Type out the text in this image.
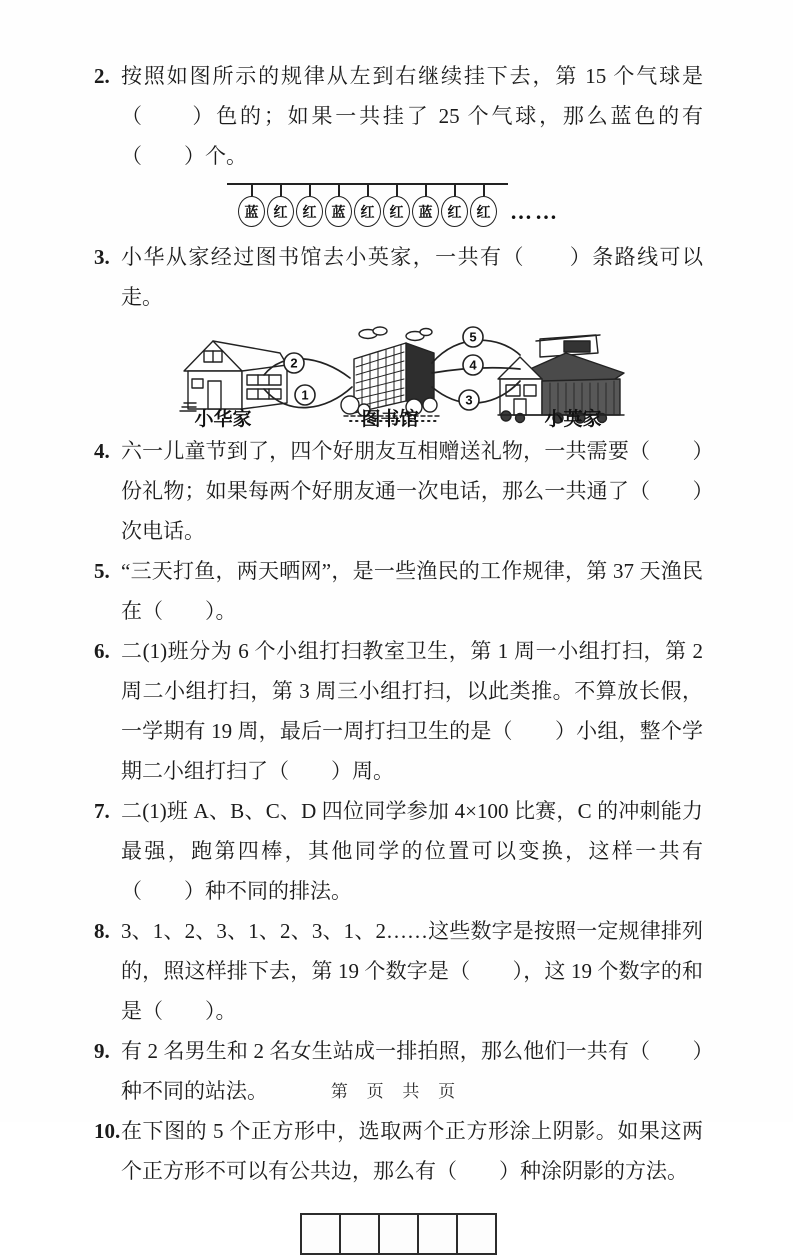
2. 按照如图所示的规律从左到右继续挂下去，第 15 个气球是（　　）色的；如果一共挂了 25 个气球，那么蓝色的有（　　）个。

蓝	红	红	蓝	红	红	蓝	红	红 ……

3. 小华从家经过图书馆去小英家，一共有（　　）条路线可以走。

2
1
5
4
3
小华家	图书馆	小英家

4. 六一儿童节到了，四个好朋友互相赠送礼物，一共需要（　　）份礼物；如果每两个好朋友通一次电话，那么一共通了（　　）次电话。

5. “三天打鱼，两天晒网”，是一些渔民的工作规律，第 37 天渔民在（　　）。

6. 二(1)班分为 6 个小组打扫教室卫生，第 1 周一小组打扫，第 2 周二小组打扫，第 3 周三小组打扫，以此类推。不算放长假，一学期有 19 周，最后一周打扫卫生的是（　　）小组，整个学期二小组打扫了（　　）周。

7. 二(1)班 A、B、C、D 四位同学参加 4×100 比赛，C 的冲刺能力最强，跑第四棒，其他同学的位置可以变换，这样一共有（　　）种不同的排法。

8. 3、1、2、3、1、2、3、1、2……这些数字是按照一定规律排列的，照这样排下去，第 19 个数字是（　　），这 19 个数字的和是（　　）。

9. 有 2 名男生和 2 名女生站成一排拍照，那么他们一共有（　　）种不同的站法。

10. 在下图的 5 个正方形中，选取两个正方形涂上阴影。如果这两个正方形不可以有公共边，那么有（　　）种涂阴影的方法。

第 页 共 页
